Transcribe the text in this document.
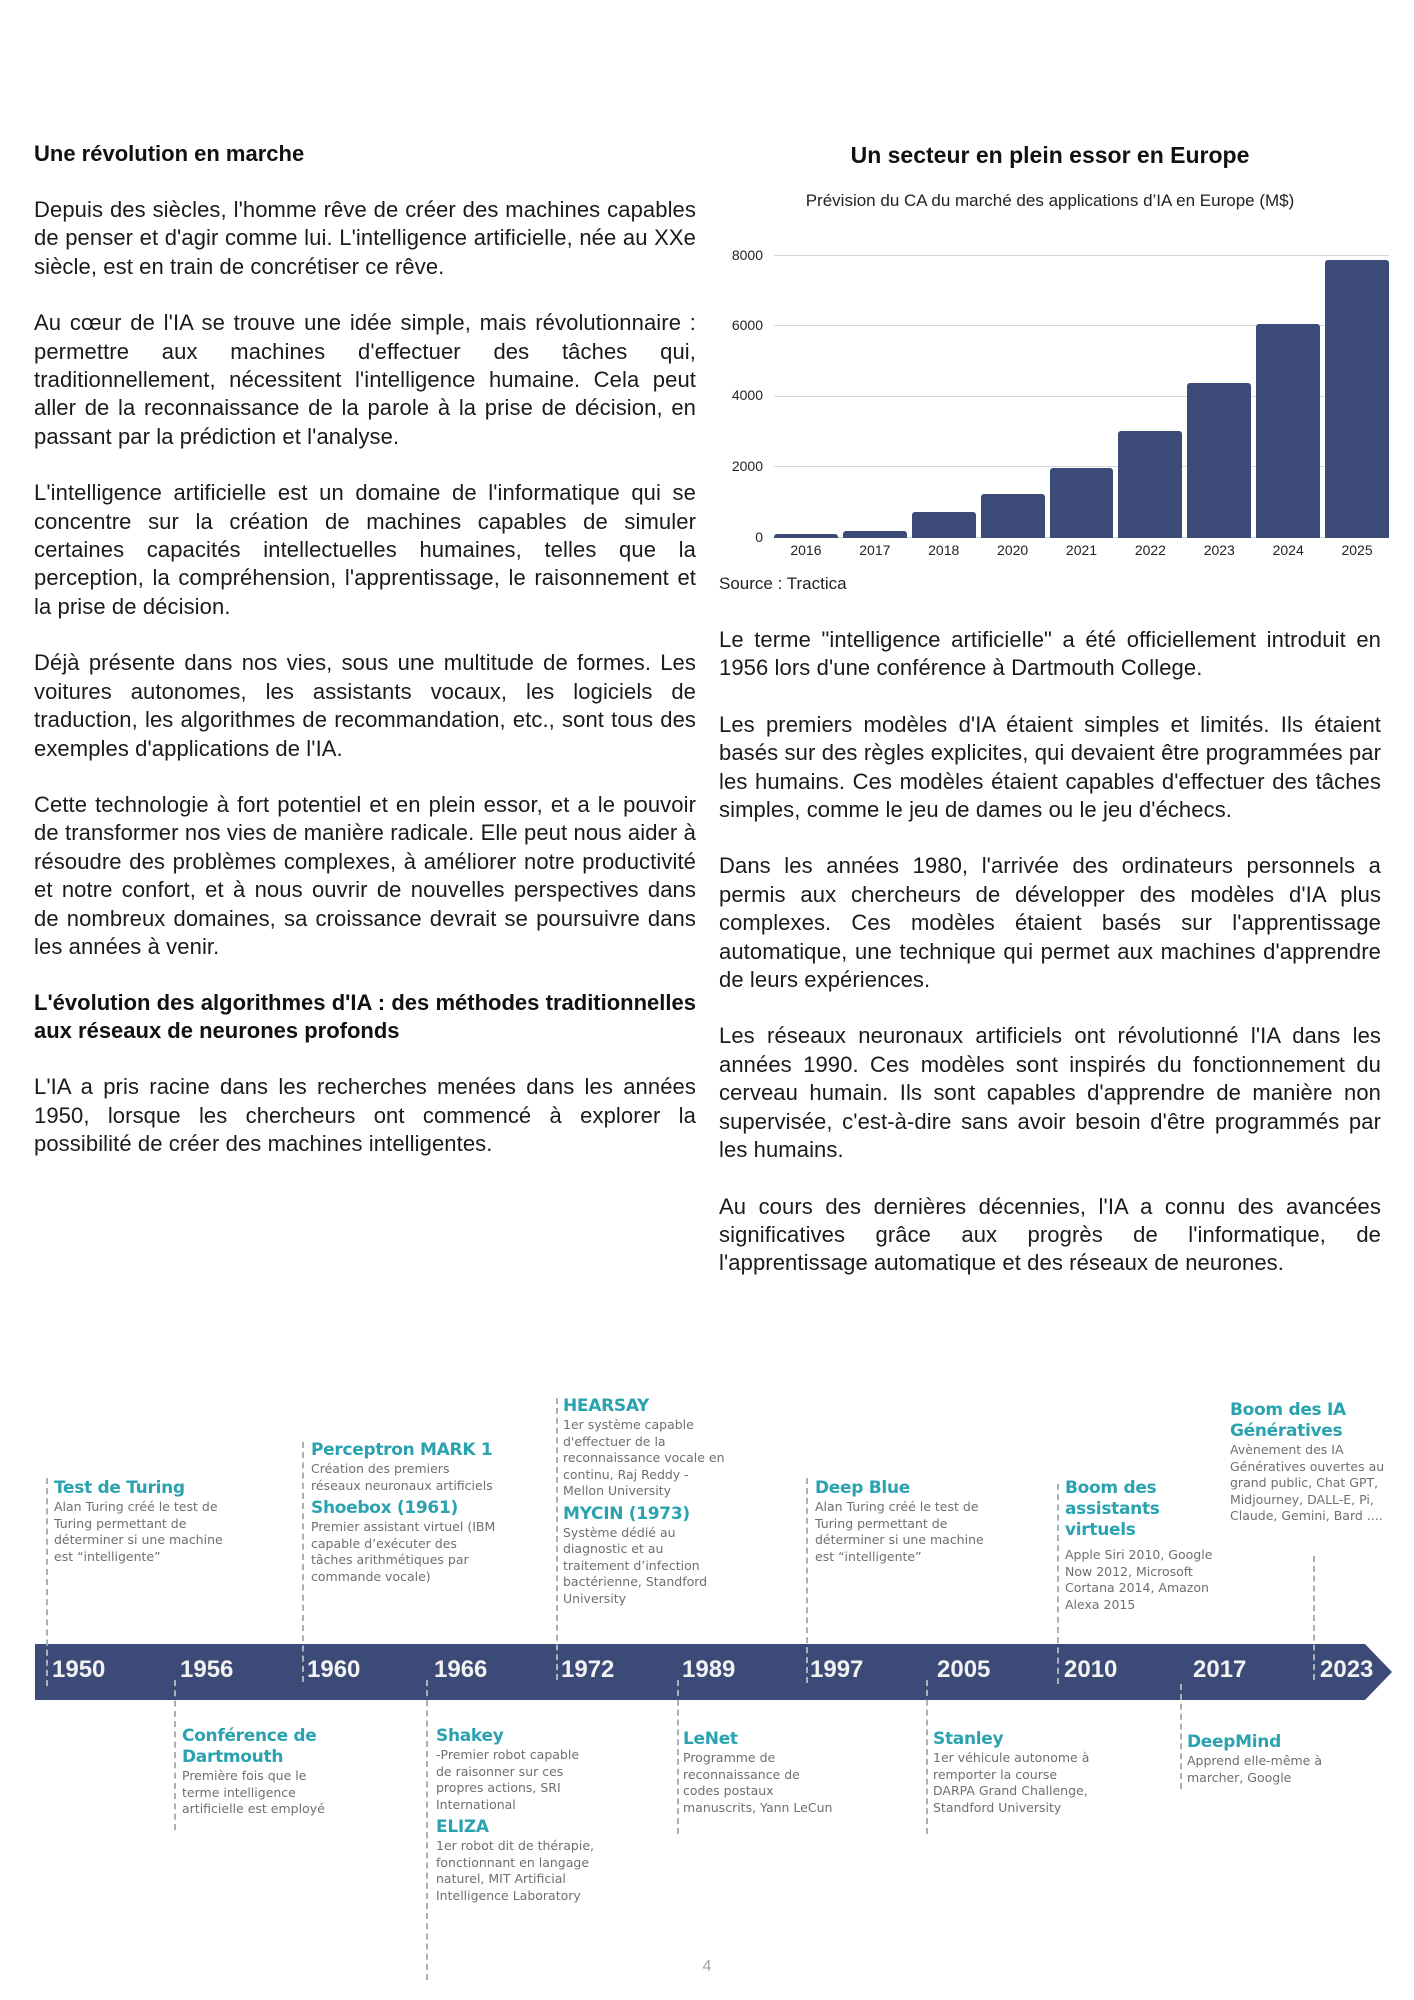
Une révolution en marche

Depuis des siècles, l'homme rêve de créer des machines capables de penser et d'agir comme lui. L'intelligence artificielle, née au XXe siècle, est en train de concrétiser ce rêve.

Au cœur de l'IA se trouve une idée simple, mais révolutionnaire : permettre aux machines d'effectuer des tâches qui, traditionnellement, nécessitent l'intelligence humaine. Cela peut aller de la reconnaissance de la parole à la prise de décision, en passant par la prédiction et l'analyse.

L'intelligence artificielle est un domaine de l'informatique qui se concentre sur la création de machines capables de simuler certaines capacités intellectuelles humaines, telles que la perception, la compréhension, l'apprentissage, le raisonnement et la prise de décision.

Déjà présente dans nos vies, sous une multitude de formes. Les voitures autonomes, les assistants vocaux, les logiciels de traduction, les algorithmes de recommandation, etc., sont tous des exemples d'applications de l'IA.

Cette technologie à fort potentiel et en plein essor, et a le pouvoir de transformer nos vies de manière radicale. Elle peut nous aider à résoudre des problèmes complexes, à améliorer notre productivité et notre confort, et à nous ouvrir de nouvelles perspectives dans de nombreux domaines, sa croissance devrait se poursuivre dans les années à venir.

L'évolution des algorithmes d'IA : des méthodes traditionnelles aux réseaux de neurones profonds

L'IA a pris racine dans les recherches menées dans les années 1950, lorsque les chercheurs ont commencé à explorer la possibilité de créer des machines intelligentes.

Un secteur en plein essor en Europe
Prévision du CA du marché des applications d’IA en Europe (M$)
8000
6000
4000
2000
0
2016	2017	2018	2020	2021	2022	2023	2024	2025
Source : Tractica

Le terme "intelligence artificielle" a été officiellement introduit en 1956 lors d'une conférence à Dartmouth College.

Les premiers modèles d'IA étaient simples et limités. Ils étaient basés sur des règles explicites, qui devaient être programmées par les humains. Ces modèles étaient capables d'effectuer des tâches simples, comme le jeu de dames ou le jeu d'échecs.

Dans les années 1980, l'arrivée des ordinateurs personnels a permis aux chercheurs de développer des modèles d'IA plus complexes. Ces modèles étaient basés sur l'apprentissage automatique, une technique qui permet aux machines d'apprendre de leurs expériences.

Les réseaux neuronaux artificiels ont révolutionné l'IA dans les années 1990. Ces modèles sont inspirés du fonctionnement du cerveau humain. Ils sont capables d'apprendre de manière non supervisée, c'est-à-dire sans avoir besoin d'être programmés par les humains.

Au cours des dernières décennies, l'IA a connu des avancées significatives grâce aux progrès de l'informatique, de l'apprentissage automatique et des réseaux de neurones.

1950	1956	1960	1966	1972	1989	1997	2005	2010	2017	2023
Test de Turing
Alan Turing créé le test de Turing permettant de déterminer si une machine est “intelligente”
Perceptron MARK 1
Création des premiers réseaux neuronaux artificiels
Shoebox (1961)
Premier assistant virtuel (IBM capable d’exécuter des tâches arithmétiques par commande vocale)
HEARSAY
1er système capable d'effectuer de la reconnaissance vocale en continu, Raj Reddy - Mellon University
MYCIN (1973)
Système dédié au diagnostic et au traitement d’infection bactérienne, Standford University
Deep Blue
Alan Turing créé le test de Turing permettant de déterminer si une machine est “intelligente”
Boom des assistants virtuels
Apple Siri 2010, Google Now 2012, Microsoft Cortana 2014, Amazon Alexa 2015
Boom des IA Génératives
Avènement des IA Génératives ouvertes au grand public, Chat GPT, Midjourney, DALL-E, Pi, Claude, Gemini, Bard ....
Conférence de Dartmouth
Première fois que le terme intelligence artificielle est employé
Shakey
-Premier robot capable de raisonner sur ces propres actions, SRI International
ELIZA
1er robot dit de thérapie, fonctionnant en langage naturel, MIT Artificial Intelligence Laboratory
LeNet
Programme de reconnaissance de codes postaux manuscrits, Yann LeCun
Stanley
1er véhicule autonome à remporter la course DARPA Grand Challenge, Standford University
DeepMind
Apprend elle-même à marcher, Google
4
